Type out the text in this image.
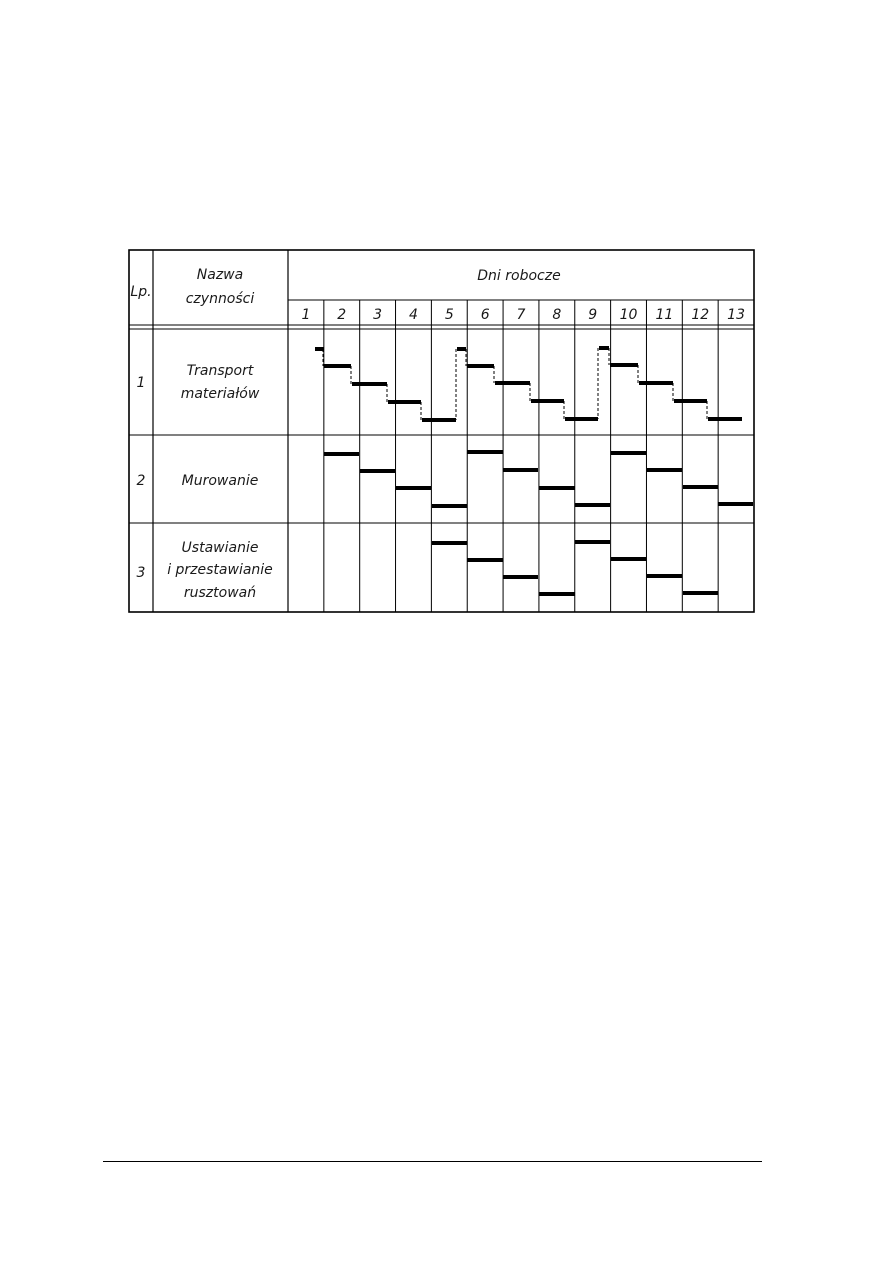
Lp.
Nazwa
czynności
Dni robocze
1 2 3 4 5 6 7 8 9 10 11 12 13
1
Transport
materiałów
2	Murowanie
3
Ustawianie
i przestawianie
rusztowań
